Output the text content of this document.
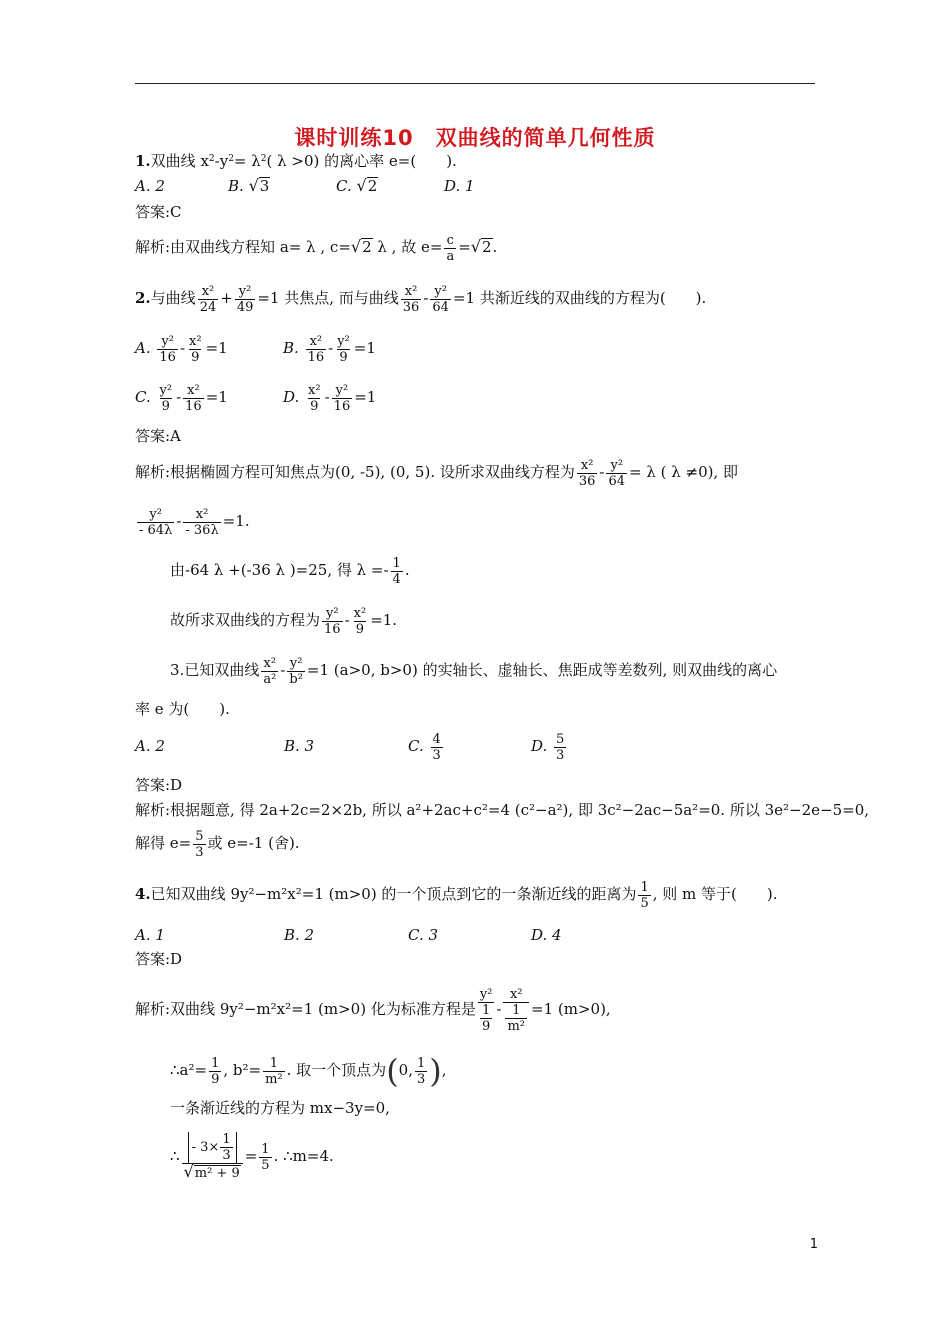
课时训练10　双曲线的简单几何性质
1.双曲线 $x^2-y^2= \lambda^2$( λ >0) 的离心率 e=(　　).
A. 2	B. √3	C. √2	D. 1
答案:C
解析:由双曲线方程知 a= λ , c=√2 λ , 故 $e= \frac{c}{a} =√2$.
2.与曲线 $\frac{\text{x²}}{24} + \frac{\text{y²}}{49} =1$ 共焦点, 而与曲线 $\frac{\text{x²}}{36} - \frac{\text{y²}}{64} =1$ 共渐近线的双曲线的方程为(　　).
A. $\frac{\text{y²}}{16} - \frac{\text{x²}}{9} =1$	B. $\frac{\text{x²}}{16} - \frac{\text{y²}}{9} =1$
C. $\frac{\text{y²}}{9} - \frac{\text{x²}}{16} =1$	D. $\frac{\text{x²}}{9} - \frac{\text{y²}}{16} =1$
答案:A
解析:根据椭圆方程可知焦点为(0, -5), (0, 5). 设所求双曲线方程为 $\frac{\text{x²}}{36} - \frac{\text{y²}}{64} = \lambda$ ( λ ≠0), 即
$\frac{\text{y²}}{- 64\lambda} - \frac{\text{x²}}{- 36\lambda} =1$.
由-64 λ +(-36 λ )=25, 得 $\lambda =- \frac{1}{4}$ .
故所求双曲线的方程为 $\frac{\text{y²}}{16} - \frac{\text{x²}}{9} =1$.
3.已知双曲线 $\frac{\text{x²}}{\text{a²}} - \frac{\text{y²}}{\text{b²}} =1$ (a>0, b>0) 的实轴长、虚轴长、焦距成等差数列, 则双曲线的离心
率 e 为(　　).
A. 2	B. 3	C. $\frac{4}{3}$	D. $\frac{5}{3}$
答案:D
解析:根据题意, 得 2a+2c=2×2b, 所以 a²+2ac+c²=4 (c²−a²), 即 3c²−2ac−5a²=0. 所以 3e²−2e−5=0,
解得 $e= \frac{5}{3}$ 或 e=-1 (舍).
4.已知双曲线 9y²−m²x²=1 (m>0) 的一个顶点到它的一条渐近线的距离为 $\frac{1}{5}$ , 则 m 等于(　　).
A. 1	B. 2	C. 3	D. 4
答案:D
解析:双曲线 9y²−m²x²=1 (m>0) 化为标准方程是 $\frac{\text{y²}}{\frac{1}{9}} - \frac{\text{x²}}{\frac{1}{\text{m²}}} =1$ (m>0),
∴a²= $\frac{1}{9}$ , $b^2= \frac{1}{\text{m²}}$ . 取一个顶点为(0, $\frac{1}{3}$ ),
一条渐近线的方程为 mx−3y=0,
∴ $\frac{- 3\times \frac{1}{3}}{\text{√m² + 9}} = \frac{1}{5}$ . ∴m=4.
1
